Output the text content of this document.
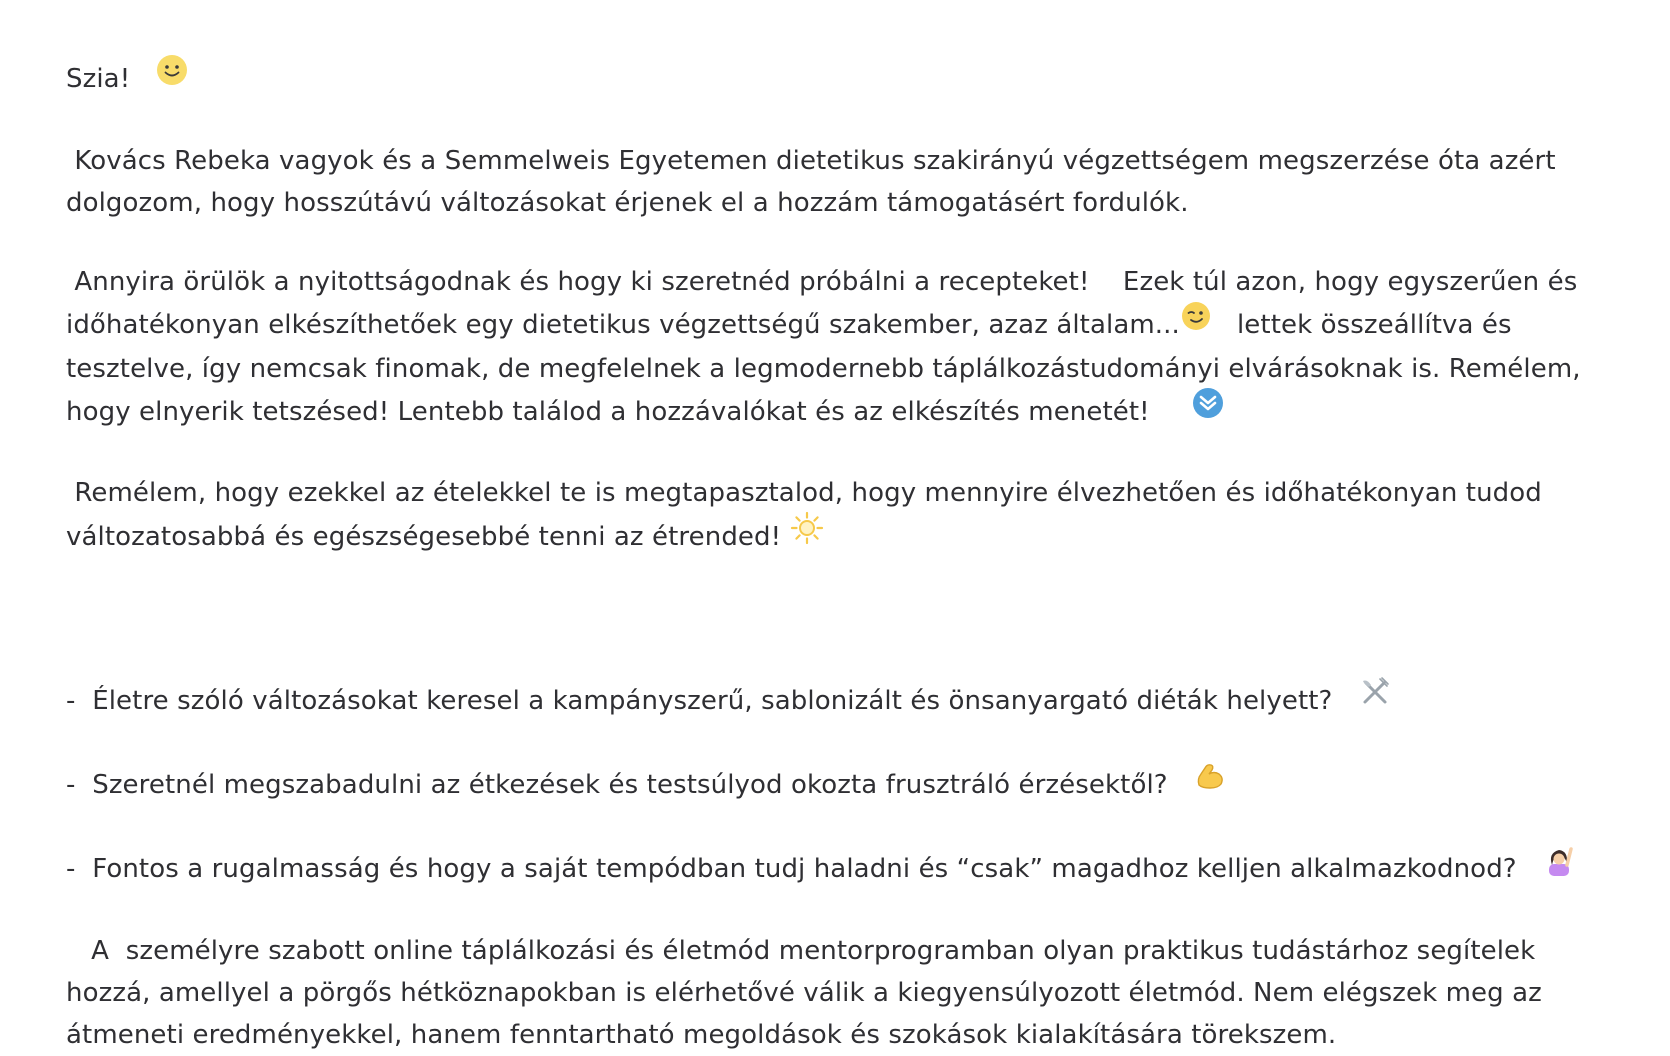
Szia!

Kovács Rebeka vagyok és a Semmelweis Egyetemen dietetikus szakirányú végzettségem megszerzése óta azért dolgozom, hogy hosszútávú változásokat érjenek el a hozzám támogatásért fordulók.

Annyira örülök a nyitottságodnak és hogy ki szeretnéd próbálni a recepteket!    Ezek túl azon, hogy egyszerűen és időhatékonyan elkészíthetőek egy dietetikus végzettségű szakember, azaz általam...   lettek összeállítva és tesztelve, így nemcsak finomak, de megfelelnek a legmodernebb táplálkozástudományi elvárásoknak is. Remélem, hogy elnyerik tetszésed! Lentebb találod a hozzávalókat és az elkészítés menetét!

Remélem, hogy ezekkel az ételekkel te is megtapasztalod, hogy mennyire élvezhetően és időhatékonyan tudod változatosabbá és egészségesebbé tenni az étrended!

-  Életre szóló változásokat keresel a kampányszerű, sablonizált és önsanyargató diéták helyett?

-  Szeretnél megszabadulni az étkezések és testsúlyod okozta frusztráló érzésektől?

-  Fontos a rugalmasság és hogy a saját tempódban tudj haladni és “csak” magadhoz kelljen alkalmazkodnod?

A  személyre szabott online táplálkozási és életmód mentorprogramban olyan praktikus tudástárhoz segítelek hozzá, amellyel a pörgős hétköznapokban is elérhetővé válik a kiegyensúlyozott életmód. Nem elégszek meg az átmeneti eredményekkel, hanem fenntartható megoldások és szokások kialakítására törekszem.
